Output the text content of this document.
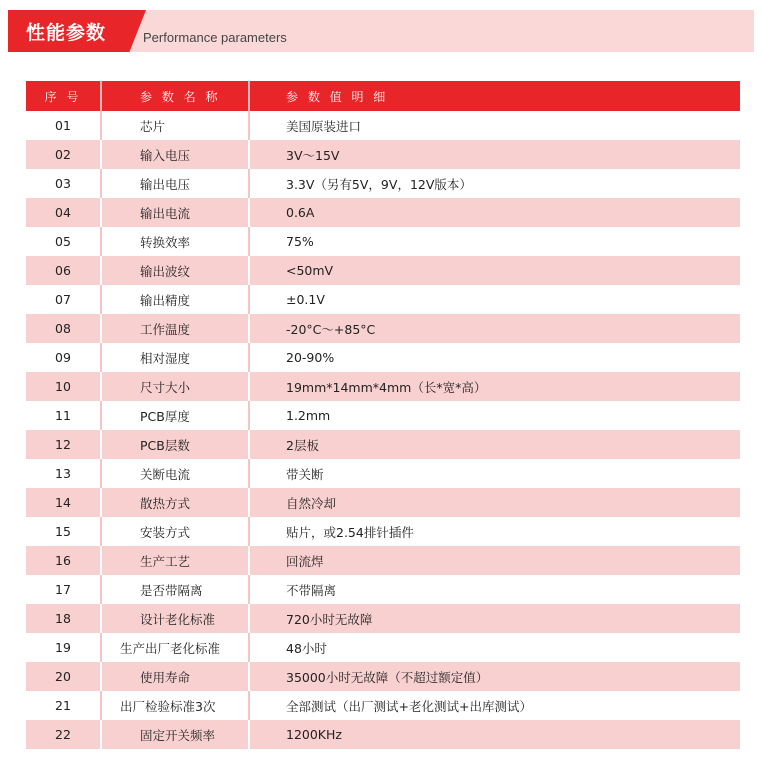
性能参数	Performance parameters
序 号	参 数 名 称	参 数 值 明 细
01	芯片	美国原装进口
02	输入电压	3V～15V
03	输出电压	3.3V（另有5V，9V，12V版本）
04	输出电流	0.6A
05	转换效率	75%
06	输出波纹	<50mV
07	输出精度	±0.1V
08	工作温度	-20°C～+85°C
09	相对湿度	20-90%
10	尺寸大小	19mm*14mm*4mm（长*宽*高）
11	PCB厚度	1.2mm
12	PCB层数	2层板
13	关断电流	带关断
14	散热方式	自然冷却
15	安装方式	贴片，或2.54排针插件
16	生产工艺	回流焊
17	是否带隔离	不带隔离
18	设计老化标准	720小时无故障
19	生产出厂老化标准	48小时
20	使用寿命	35000小时无故障（不超过额定值）
21	出厂检验标准3次	全部测试（出厂测试+老化测试+出库测试）
22	固定开关频率	1200KHz
